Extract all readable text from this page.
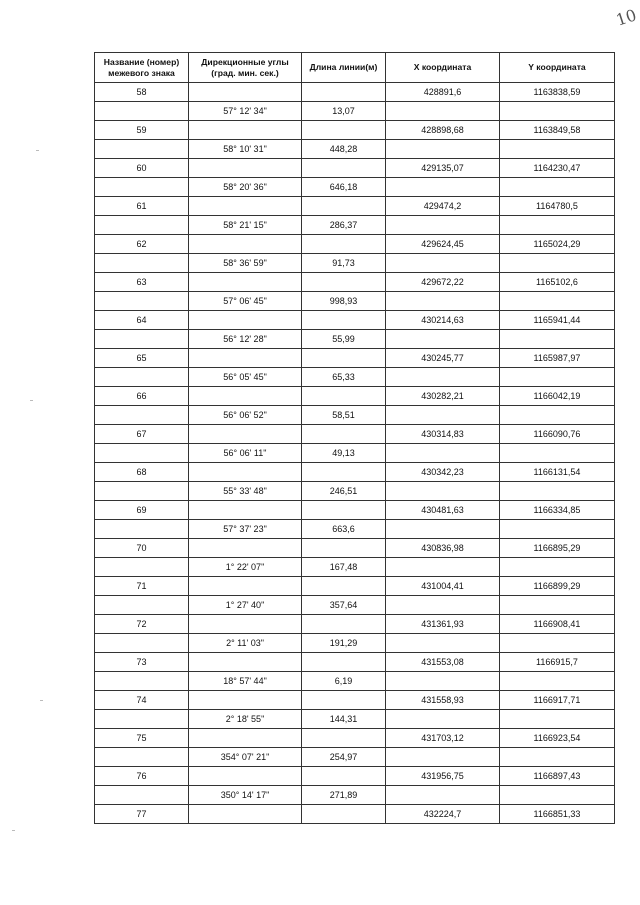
10
Название (номер) межевого знака	Дирекционные углы (град. мин. сек.)	Длина линии(м)	X координата	Y координата
58			428891,6	1163838,59
	57° 12' 34"	13,07		
59			428898,68	1163849,58
	58° 10' 31"	448,28		
60			429135,07	1164230,47
	58° 20' 36"	646,18		
61			429474,2	1164780,5
	58° 21' 15"	286,37		
62			429624,45	1165024,29
	58° 36' 59"	91,73		
63			429672,22	1165102,6
	57° 06' 45"	998,93		
64			430214,63	1165941,44
	56° 12' 28"	55,99		
65			430245,77	1165987,97
	56° 05' 45"	65,33		
66			430282,21	1166042,19
	56° 06' 52"	58,51		
67			430314,83	1166090,76
	56° 06' 11"	49,13		
68			430342,23	1166131,54
	55° 33' 48"	246,51		
69			430481,63	1166334,85
	57° 37' 23"	663,6		
70			430836,98	1166895,29
	1° 22' 07"	167,48		
71			431004,41	1166899,29
	1° 27' 40"	357,64		
72			431361,93	1166908,41
	2° 11' 03"	191,29		
73			431553,08	1166915,7
	18° 57' 44"	6,19		
74			431558,93	1166917,71
	2° 18' 55"	144,31		
75			431703,12	1166923,54
	354° 07' 21"	254,97		
76			431956,75	1166897,43
	350° 14' 17"	271,89		
77			432224,7	1166851,33
